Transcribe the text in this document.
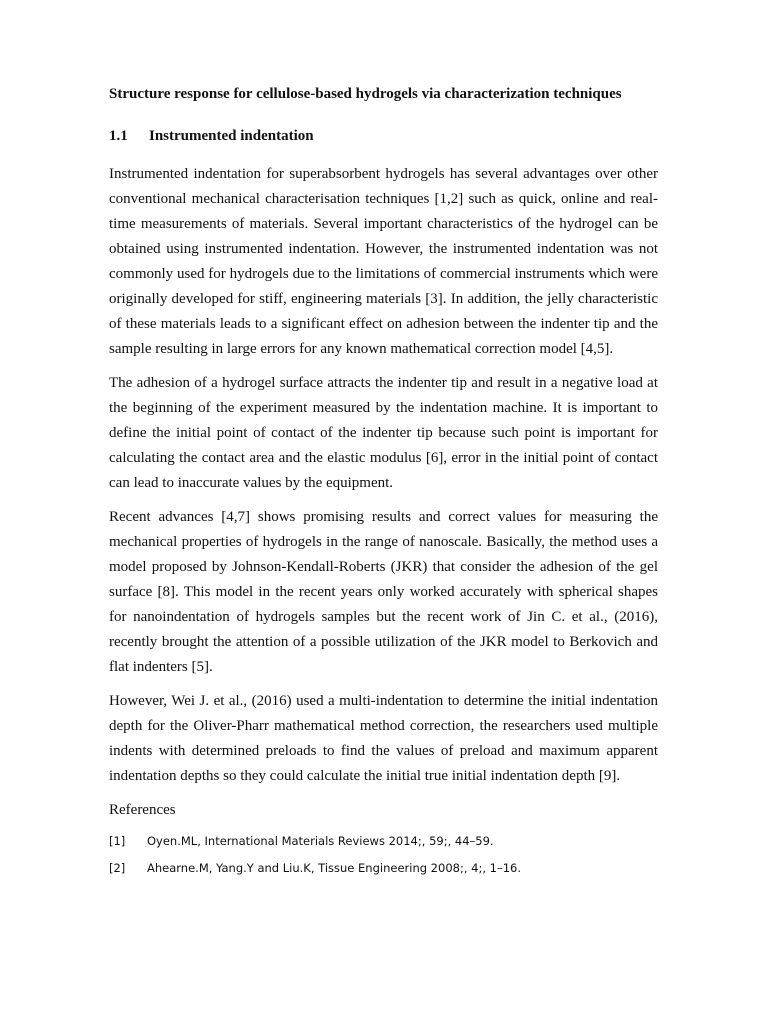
Structure response for cellulose-based hydrogels via characterization techniques
1.1	Instrumented indentation

Instrumented indentation for superabsorbent hydrogels has several advantages over other conventional mechanical characterisation techniques [1,2] such as quick, online and real-time measurements of materials. Several important characteristics of the hydrogel can be obtained using instrumented indentation. However, the instrumented indentation was not commonly used for hydrogels due to the limitations of commercial instruments which were originally developed for stiff, engineering materials [3]. In addition, the jelly characteristic of these materials leads to a significant effect on adhesion between the indenter tip and the sample resulting in large errors for any known mathematical correction model [4,5].

The adhesion of a hydrogel surface attracts the indenter tip and result in a negative load at the beginning of the experiment measured by the indentation machine. It is important to define the initial point of contact of the indenter tip because such point is important for calculating the contact area and the elastic modulus [6], error in the initial point of contact can lead to inaccurate values by the equipment.

Recent advances [4,7] shows promising results and correct values for measuring the mechanical properties of hydrogels in the range of nanoscale. Basically, the method uses a model proposed by Johnson-Kendall-Roberts (JKR) that consider the adhesion of the gel surface [8]. This model in the recent years only worked accurately with spherical shapes for nanoindentation of hydrogels samples but the recent work of Jin C. et al., (2016), recently brought the attention of a possible utilization of the JKR model to Berkovich and flat indenters [5].

However, Wei J. et al., (2016) used a multi-indentation to determine the initial indentation depth for the Oliver-Pharr mathematical method correction, the researchers used multiple indents with determined preloads to find the values of preload and maximum apparent indentation depths so they could calculate the initial true initial indentation depth [9].

References
[1]	Oyen.ML, International Materials Reviews 2014;, 59;, 44–59.
[2]	Ahearne.M, Yang.Y and Liu.K, Tissue Engineering 2008;, 4;, 1–16.
